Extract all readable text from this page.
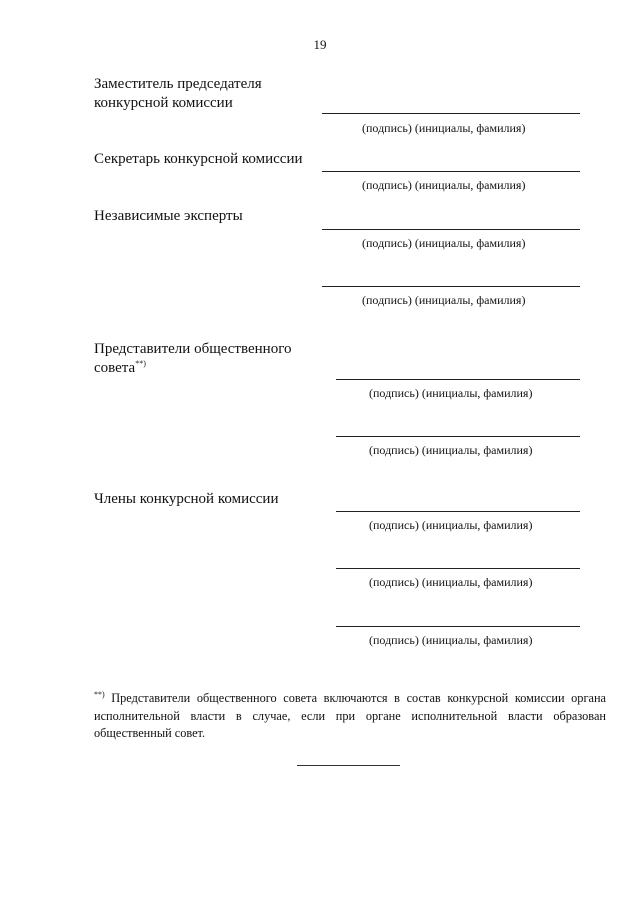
19
Заместитель председателя
конкурсной комиссии
(подпись) (инициалы, фамилия)
Секретарь конкурсной комиссии
(подпись) (инициалы, фамилия)
Независимые эксперты
(подпись) (инициалы, фамилия)
(подпись) (инициалы, фамилия)
Представители общественного
совета**)
(подпись) (инициалы, фамилия)
(подпись) (инициалы, фамилия)
Члены конкурсной комиссии
(подпись) (инициалы, фамилия)
(подпись) (инициалы, фамилия)
(подпись) (инициалы, фамилия)
**) Представители общественного совета включаются в состав конкурсной комиссии органа исполнительной власти в случае, если при органе исполнительной власти образован общественный совет.
